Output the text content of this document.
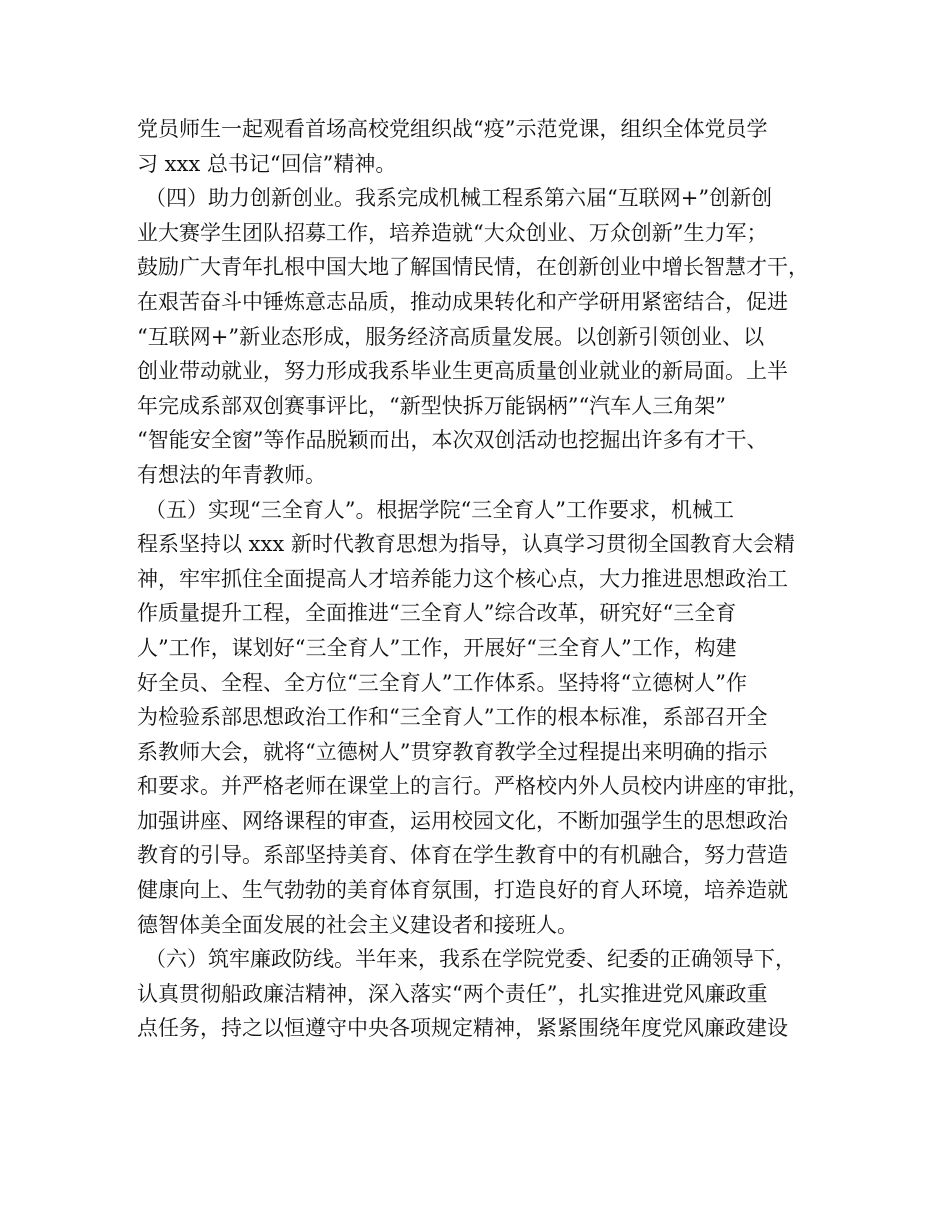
党员师生一起观看首场高校党组织战“疫”示范党课，组织全体党员学
习 xxx 总书记“回信”精神。
（四）助力创新创业。我系完成机械工程系第六届“互联网+”创新创
业大赛学生团队招募工作，培养造就“大众创业、万众创新”生力军；
鼓励广大青年扎根中国大地了解国情民情，在创新创业中增长智慧才干，
在艰苦奋斗中锤炼意志品质，推动成果转化和产学研用紧密结合，促进
“互联网+”新业态形成，服务经济高质量发展。以创新引领创业、以
创业带动就业，努力形成我系毕业生更高质量创业就业的新局面。上半
年完成系部双创赛事评比，“新型快拆万能锅柄”“汽车人三角架”
“智能安全窗”等作品脱颖而出，本次双创活动也挖掘出许多有才干、
有想法的年青教师。
（五）实现“三全育人”。根据学院“三全育人”工作要求，机械工
程系坚持以 xxx 新时代教育思想为指导，认真学习贯彻全国教育大会精
神，牢牢抓住全面提高人才培养能力这个核心点，大力推进思想政治工
作质量提升工程，全面推进“三全育人”综合改革，研究好“三全育
人”工作，谋划好“三全育人”工作，开展好“三全育人”工作，构建
好全员、全程、全方位“三全育人”工作体系。坚持将“立德树人”作
为检验系部思想政治工作和“三全育人”工作的根本标准，系部召开全
系教师大会，就将“立德树人”贯穿教育教学全过程提出来明确的指示
和要求。并严格老师在课堂上的言行。严格校内外人员校内讲座的审批，
加强讲座、网络课程的审查，运用校园文化，不断加强学生的思想政治
教育的引导。系部坚持美育、体育在学生教育中的有机融合，努力营造
健康向上、生气勃勃的美育体育氛围，打造良好的育人环境，培养造就
德智体美全面发展的社会主义建设者和接班人。
（六）筑牢廉政防线。半年来，我系在学院党委、纪委的正确领导下，
认真贯彻船政廉洁精神，深入落实“两个责任”，扎实推进党风廉政重
点任务，持之以恒遵守中央各项规定精神，紧紧围绕年度党风廉政建设
